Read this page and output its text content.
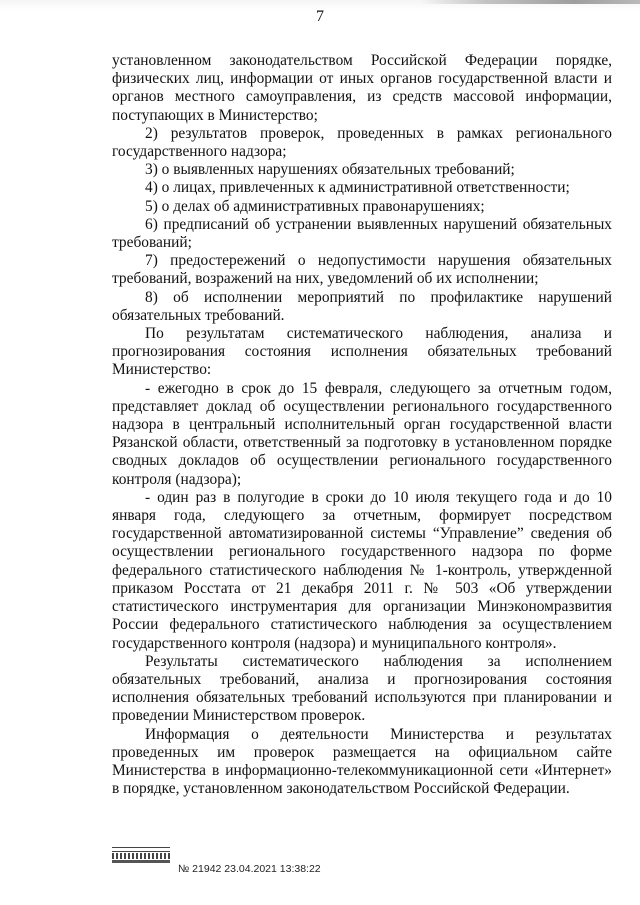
7

установленном законодательством Российской Федерации порядке, физических лиц, информации от иных органов государственной власти и органов местного самоуправления, из средств массовой информации, поступающих в Министерство;

2) результатов проверок, проведенных в рамках регионального государственного надзора;

3) о выявленных нарушениях обязательных требований;

4) о лицах, привлеченных к административной ответственности;

5) о делах об административных правонарушениях;

6) предписаний об устранении выявленных нарушений обязательных требований;

7) предостережений о недопустимости нарушения обязательных требований, возражений на них, уведомлений об их исполнении;

8) об исполнении мероприятий по профилактике нарушений обязательных требований.

По результатам систематического наблюдения, анализа и прогнозирования состояния исполнения обязательных требований Министерство:

- ежегодно в срок до 15 февраля, следующего за отчетным годом, представляет доклад об осуществлении регионального государственного надзора в центральный исполнительный орган государственной власти Рязанской области, ответственный за подготовку в установленном порядке сводных докладов об осуществлении регионального государственного контроля (надзора);

- один раз в полугодие в сроки до 10 июля текущего года и до 10 января года, следующего за отчетным, формирует посредством государственной автоматизированной системы “Управление” сведения об осуществлении регионального государственного надзора по форме федерального статистического наблюдения № 1-контроль, утвержденной приказом Росстата от 21 декабря 2011 г. № 503 «Об утверждении статистического инструментария для организации Минэкономразвития России федерального статистического наблюдения за осуществлением государственного контроля (надзора) и муниципального контроля».

Результаты систематического наблюдения за исполнением обязательных требований, анализа и прогнозирования состояния исполнения обязательных требований используются при планировании и проведении Министерством проверок.

Информация о деятельности Министерства и результатах проведенных им проверок размещается на официальном сайте Министерства в информационно-телекоммуникационной сети «Интернет» в порядке, установленном законодательством Российской Федерации.

№ 21942 23.04.2021 13:38:22
